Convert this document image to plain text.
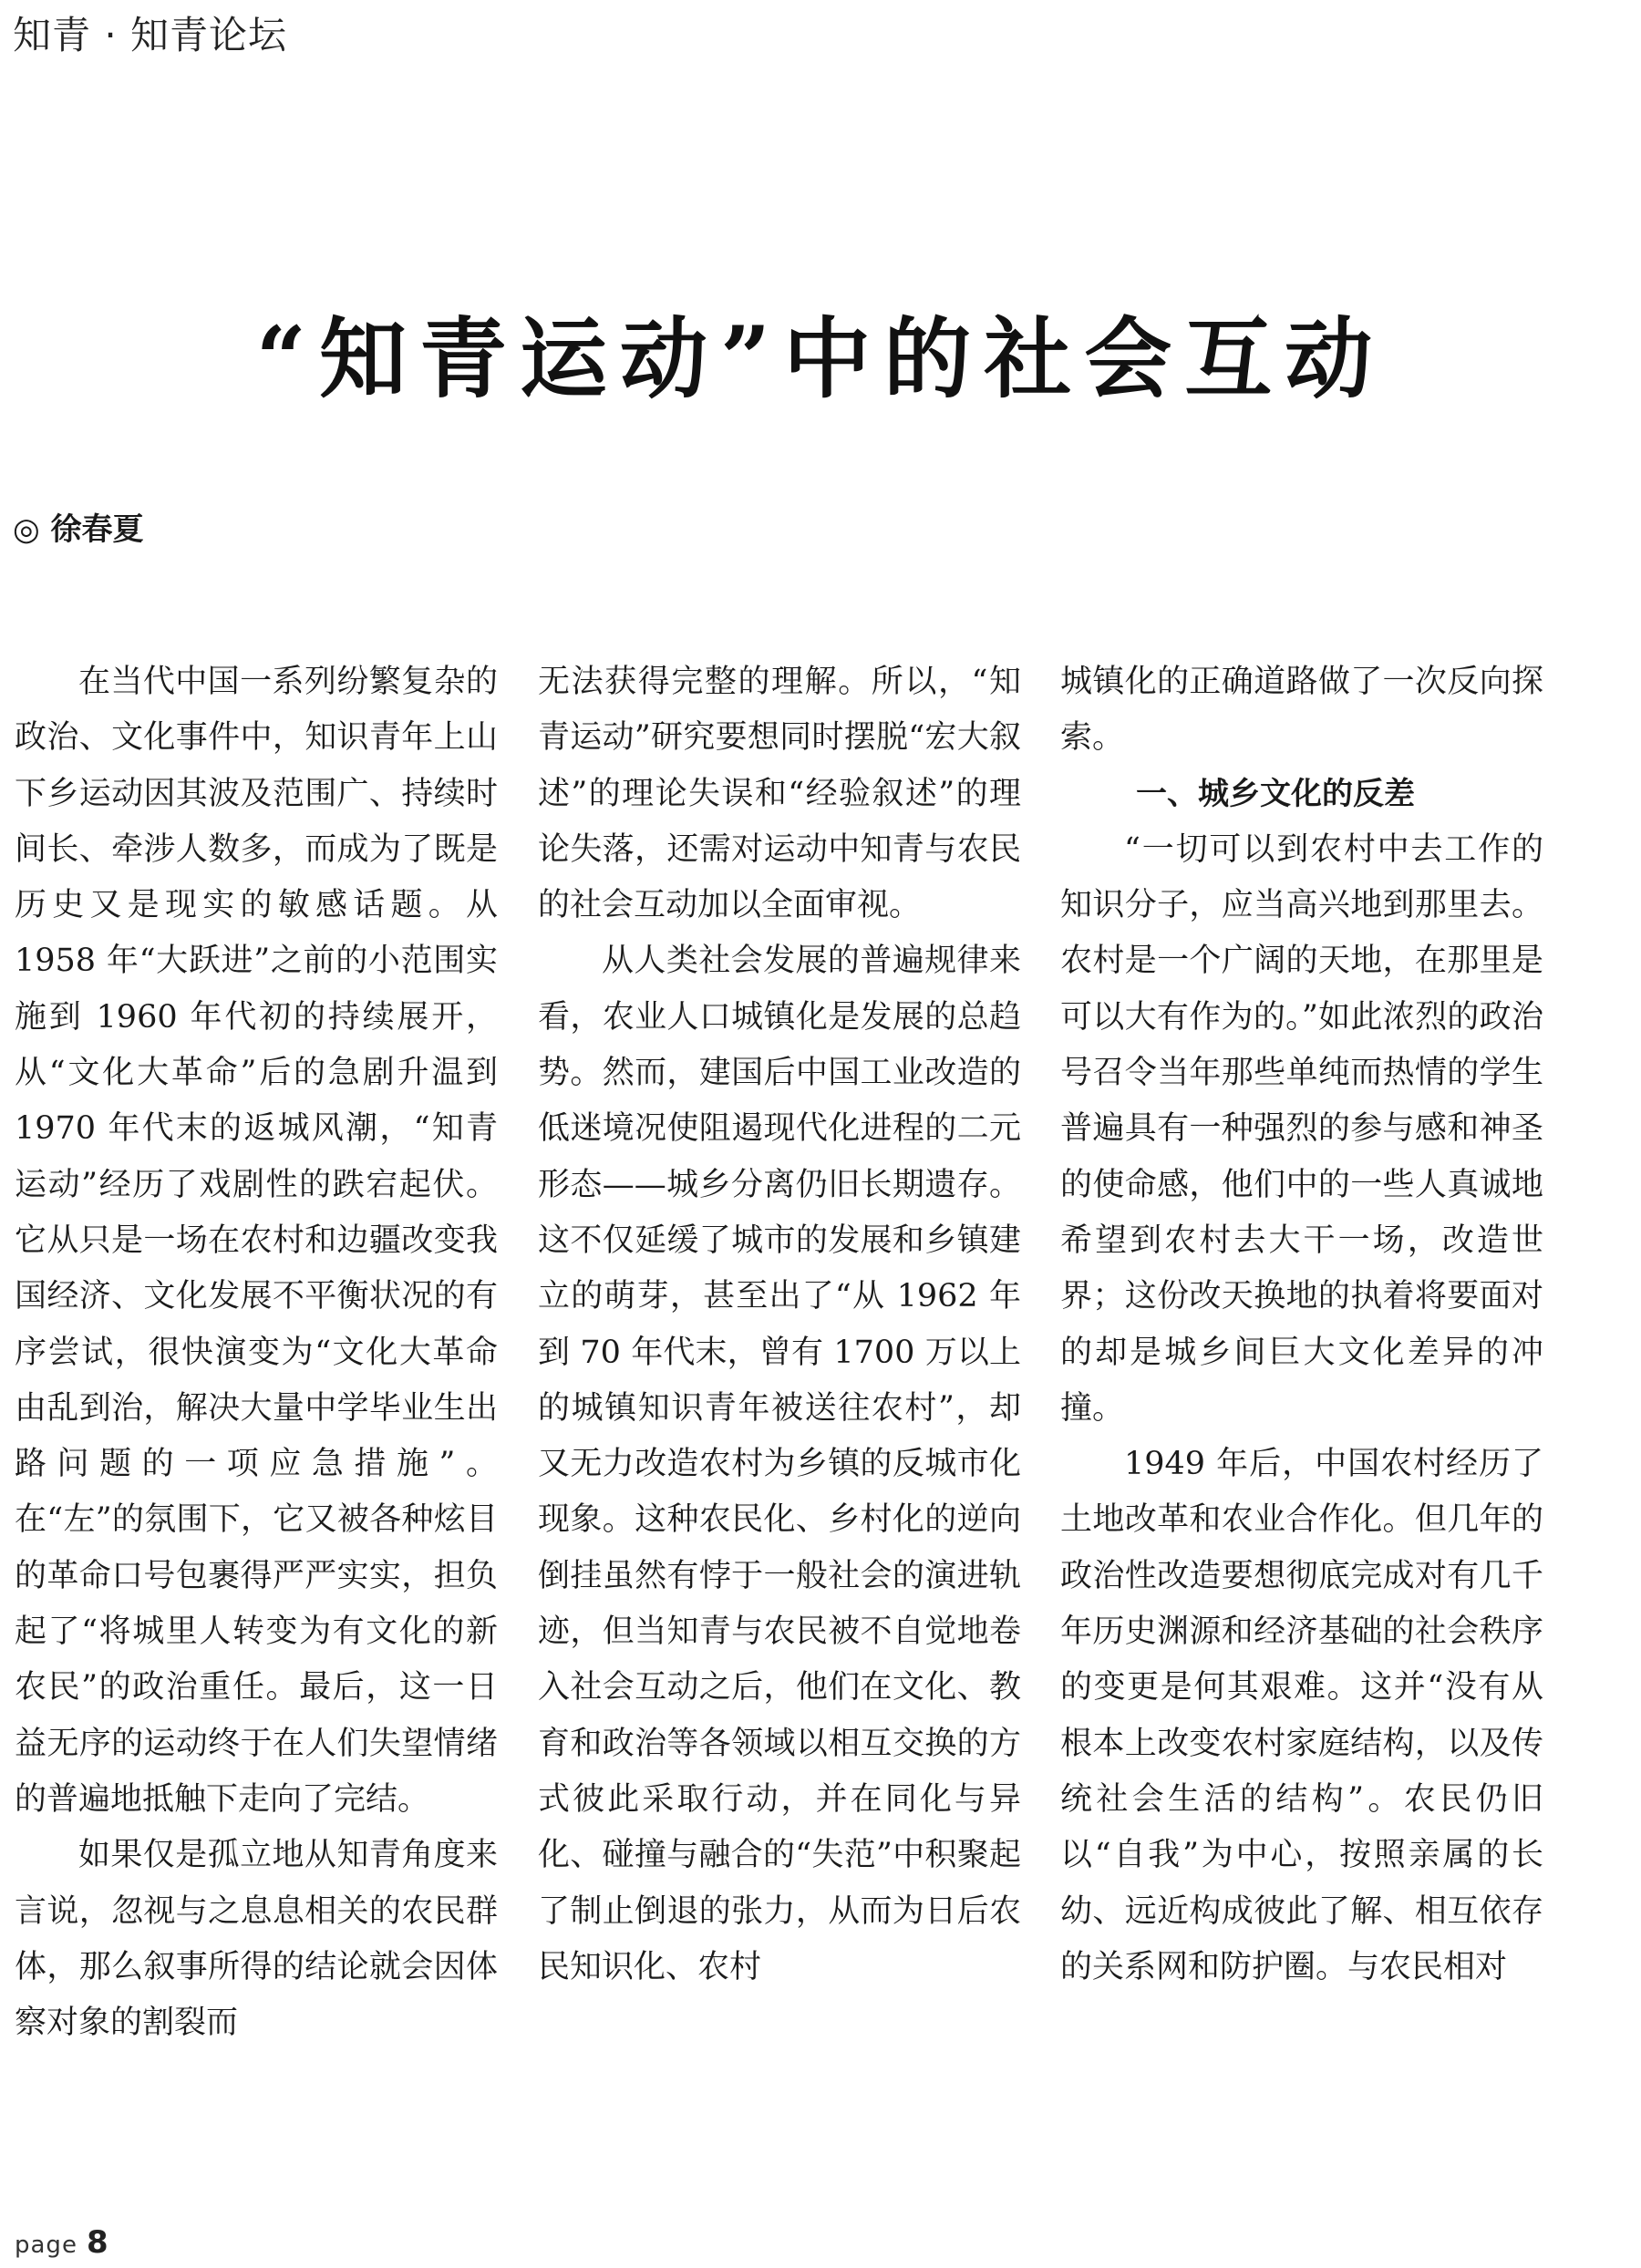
知青 · 知青论坛
“知青运动”中的社会互动
◎ 徐春夏

在当代中国一系列纷繁复杂的政治、文化事件中，知识青年上山下乡运动因其波及范围广、持续时间长、牵涉人数多，而成为了既是历史又是现实的敏感话题。从 1958 年“大跃进”之前的小范围实施到 1960 年代初的持续展开，从“文化大革命”后的急剧升温到 1970 年代末的返城风潮，“知青运动”经历了戏剧性的跌宕起伏。它从只是一场在农村和边疆改变我国经济、文化发展不平衡状况的有序尝试，很快演变为“文化大革命由乱到治，解决大量中学毕业生出路问题的一项应急措施”。在“左”的氛围下，它又被各种炫目的革命口号包裹得严严实实，担负起了“将城里人转变为有文化的新农民”的政治重任。最后，这一日益无序的运动终于在人们失望情绪的普遍地抵触下走向了完结。

如果仅是孤立地从知青角度来言说，忽视与之息息相关的农民群体，那么叙事所得的结论就会因体察对象的割裂而

无法获得完整的理解。所以，“知青运动”研究要想同时摆脱“宏大叙述”的理论失误和“经验叙述”的理论失落，还需对运动中知青与农民的社会互动加以全面审视。

从人类社会发展的普遍规律来看，农业人口城镇化是发展的总趋势。然而，建国后中国工业改造的低迷境况使阻遏现代化进程的二元形态——城乡分离仍旧长期遗存。这不仅延缓了城市的发展和乡镇建立的萌芽，甚至出了“从 1962 年到 70 年代末，曾有 1700 万以上的城镇知识青年被送往农村”，却又无力改造农村为乡镇的反城市化现象。这种农民化、乡村化的逆向倒挂虽然有悖于一般社会的演进轨迹，但当知青与农民被不自觉地卷入社会互动之后，他们在文化、教育和政治等各领域以相互交换的方式彼此采取行动，并在同化与异化、碰撞与融合的“失范”中积聚起了制止倒退的张力，从而为日后农民知识化、农村

城镇化的正确道路做了一次反向探索。

一、城乡文化的反差

“一切可以到农村中去工作的知识分子，应当高兴地到那里去。农村是一个广阔的天地，在那里是可以大有作为的。”如此浓烈的政治号召令当年那些单纯而热情的学生普遍具有一种强烈的参与感和神圣的使命感，他们中的一些人真诚地希望到农村去大干一场，改造世界；这份改天换地的执着将要面对的却是城乡间巨大文化差异的冲撞。

1949 年后，中国农村经历了土地改革和农业合作化。但几年的政治性改造要想彻底完成对有几千年历史渊源和经济基础的社会秩序的变更是何其艰难。这并“没有从根本上改变农村家庭结构，以及传统社会生活的结构”。农民仍旧以“自我”为中心，按照亲属的长幼、远近构成彼此了解、相互依存的关系网和防护圈。与农民相对

page 8
